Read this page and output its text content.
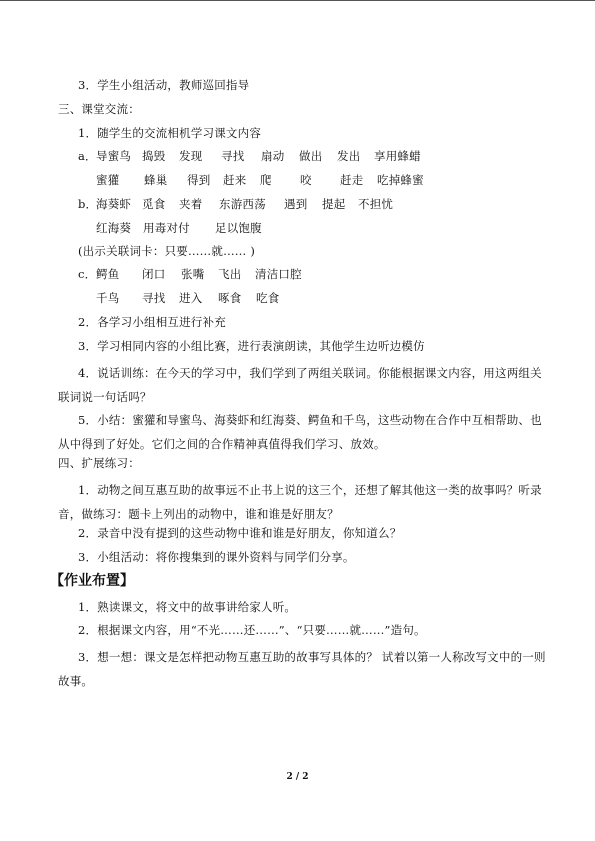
3．学生小组活动，教师巡回指导
三、课堂交流：
1．随学生的交流相机学习课文内容
a． 导蜜鸟 捣毁	发现	寻找	扇动	做出	发出	享用蜂蜡
蜜獾	蜂巢	得到	赶来	爬	咬	赶走	吃掉蜂蜜
b．
海葵虾 觅食	夹着	东游西荡	遇到	提起	不担忧
红海葵	用毒对付	足以饱腹
(出示关联词卡：只要……就…… )
c． 鳄鱼	闭口	张嘴	飞出	清洁口腔
千鸟	寻找	进入	啄食	吃食
2．各学习小组相互进行补充
3．学习相同内容的小组比赛，进行表演朗读，其他学生边听边模仿
4．说话训练：在今天的学习中，我们学到了两组关联词。你能根据课文内容，用这两组关联词说一句话吗？
5．小结：蜜獾和导蜜鸟、海葵虾和红海葵、鳄鱼和千鸟，这些动物在合作中互相帮助、也从中得到了好处。它们之间的合作精神真值得我们学习、放效。
四、扩展练习：
1．动物之间互惠互助的故事远不止书上说的这三个，还想了解其他这一类的故事吗？听录音，做练习：题卡上列出的动物中，谁和谁是好朋友？
2．录音中没有提到的这些动物中谁和谁是好朋友，你知道么？
3．小组活动：将你搜集到的课外资料与同学们分享。
【作业布置】
1．熟读课文，将文中的故事讲给家人听。
2．根据课文内容，用“不光……还……”、“只要……就……”造句。
3．想一想：课文是怎样把动物互惠互助的故事写具体的？ 试着以第一人称改写文中的一则故事。
2 / 2
